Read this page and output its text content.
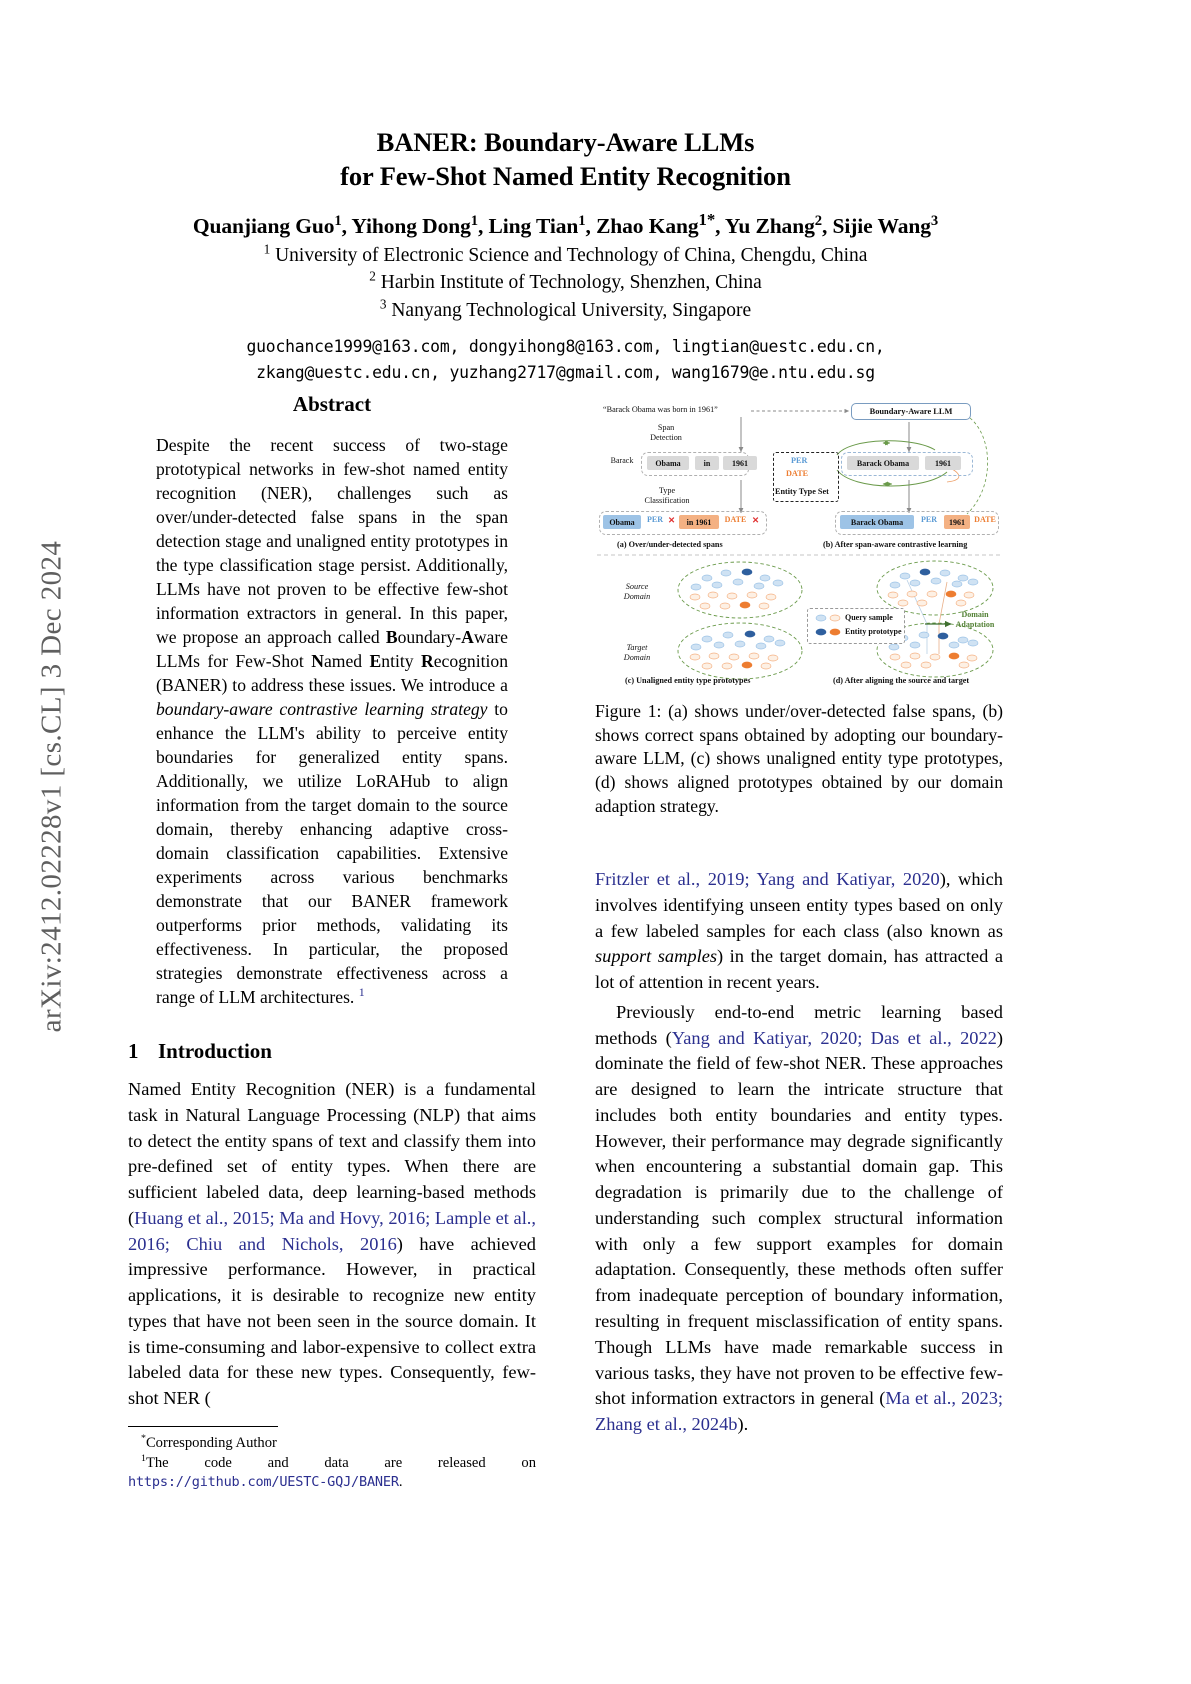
arXiv:2412.02228v1 [cs.CL] 3 Dec 2024
BANER: Boundary-Aware LLMs
for Few-Shot Named Entity Recognition
Quanjiang Guo$^1$, Yihong Dong$^1$, Ling Tian$^1$, Zhao Kang$^{1*}$, Yu Zhang$^2$, Sijie Wang$^3$
$^1$ University of Electronic Science and Technology of China, Chengdu, China
$^2$ Harbin Institute of Technology, Shenzhen, China
$^3$ Nanyang Technological University, Singapore
guochance1999@163.com, dongyihong8@163.com, lingtian@uestc.edu.cn,
zkang@uestc.edu.cn, yuzhang2717@gmail.com, wang1679@e.ntu.edu.sg
Abstract
Despite the recent success of two-stage prototypical networks in few-shot named entity recognition (NER), challenges such as over/under-detected false spans in the span detection stage and unaligned entity prototypes in the type classification stage persist. Additionally, LLMs have not proven to be effective few-shot information extractors in general. In this paper, we propose an approach called Boundary-Aware LLMs for Few-Shot Named Entity Recognition (BANER) to address these issues. We introduce a boundary-aware contrastive learning strategy to enhance the LLM's ability to perceive entity boundaries for generalized entity spans. Additionally, we utilize LoRAHub to align information from the target domain to the source domain, thereby enhancing adaptive cross-domain classification capabilities. Extensive experiments across various benchmarks demonstrate that our BANER framework outperforms prior methods, validating its effectiveness. In particular, the proposed strategies demonstrate effectiveness across a range of LLM architectures. $^1$
1 Introduction
Named Entity Recognition (NER) is a fundamental task in Natural Language Processing (NLP) that aims to detect the entity spans of text and classify them into pre-defined set of entity types. When there are sufficient labeled data, deep learning-based methods (Huang et al., 2015; Ma and Hovy, 2016; Lample et al., 2016; Chiu and Nichols, 2016) have achieved impressive performance. However, in practical applications, it is desirable to recognize new entity types that have not been seen in the source domain. It is time-consuming and labor-expensive to collect extra labeled data for these new types. Consequently, few-shot NER (
*Corresponding Author
$^1$The code and data are released on https://github.com/UESTC-GQJ/BANER.
“Barack Obama was born in 1961”	Boundary-Aware LLM
Span
Detection
Type
Classification
Barack	Obama	in	1961
Obama	PER ✕	in 1961	DATE ✕
PER
DATE
Entity Type Set
Barack Obama	1961
Barack Obama	PER	1961	DATE
(a) Over/under-detected spans	(b) After span-aware contrastive learning
Source
Domain
Target
Domain
Query sample
Entity prototype
Domain
Adaptation
(c) Unaligned entity type prototypes	(d) After aligning the source and target
Figure 1: (a) shows under/over-detected false spans, (b) shows correct spans obtained by adopting our boundary-aware LLM, (c) shows unaligned entity type prototypes, (d) shows aligned prototypes obtained by our domain adaption strategy.
Fritzler et al., 2019; Yang and Katiyar, 2020), which involves identifying unseen entity types based on only a few labeled samples for each class (also known as support samples) in the target domain, has attracted a lot of attention in recent years.
Previously end-to-end metric learning based methods (Yang and Katiyar, 2020; Das et al., 2022) dominate the field of few-shot NER. These approaches are designed to learn the intricate structure that includes both entity boundaries and entity types. However, their performance may degrade significantly when encountering a substantial domain gap. This degradation is primarily due to the challenge of understanding such complex structural information with only a few support examples for domain adaptation. Consequently, these methods often suffer from inadequate perception of boundary information, resulting in frequent misclassification of entity spans. Though LLMs have made remarkable success in various tasks, they have not proven to be effective few-shot information extractors in general (Ma et al., 2023; Zhang et al., 2024b).
